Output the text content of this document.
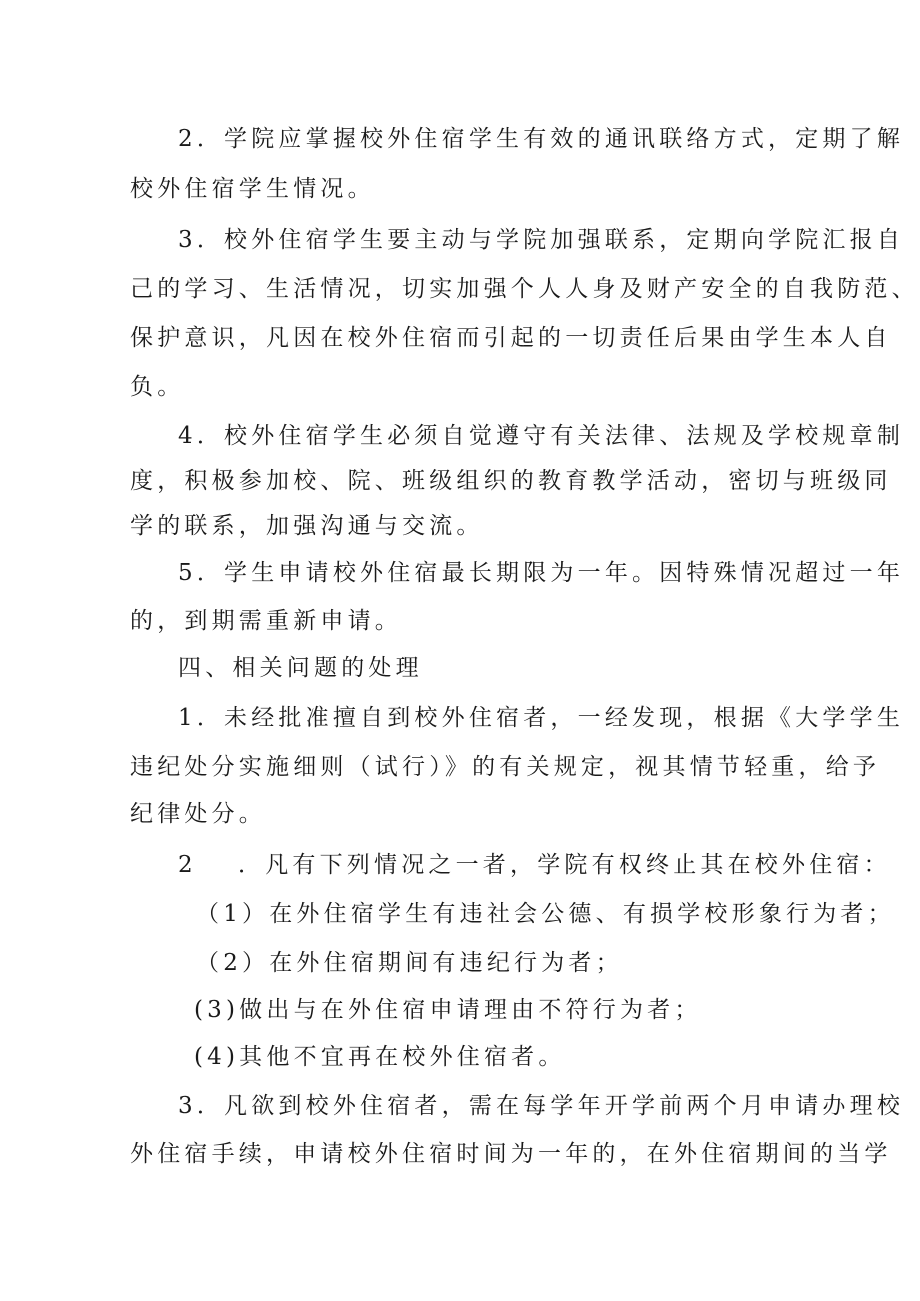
2．学院应掌握校外住宿学生有效的通讯联络方式，定期了解
校外住宿学生情况。
3．校外住宿学生要主动与学院加强联系，定期向学院汇报自
己的学习、生活情况，切实加强个人人身及财产安全的自我防范、
保护意识，凡因在校外住宿而引起的一切责任后果由学生本人自
负。
4．校外住宿学生必须自觉遵守有关法律、法规及学校规章制
度，积极参加校、院、班级组织的教育教学活动，密切与班级同
学的联系，加强沟通与交流。
5．学生申请校外住宿最长期限为一年。因特殊情况超过一年
的，到期需重新申请。
四、相关问题的处理
1．未经批准擅自到校外住宿者，一经发现，根据《大学学生
违纪处分实施细则（试行）》的有关规定，视其情节轻重，给予
纪律处分。
2 ．凡有下列情况之一者，学院有权终止其在校外住宿：
（1）在外住宿学生有违社会公德、有损学校形象行为者；
（2）在外住宿期间有违纪行为者；
(3)做出与在外住宿申请理由不符行为者；
(4)其他不宜再在校外住宿者。
3．凡欲到校外住宿者，需在每学年开学前两个月申请办理校
外住宿手续，申请校外住宿时间为一年的，在外住宿期间的当学
